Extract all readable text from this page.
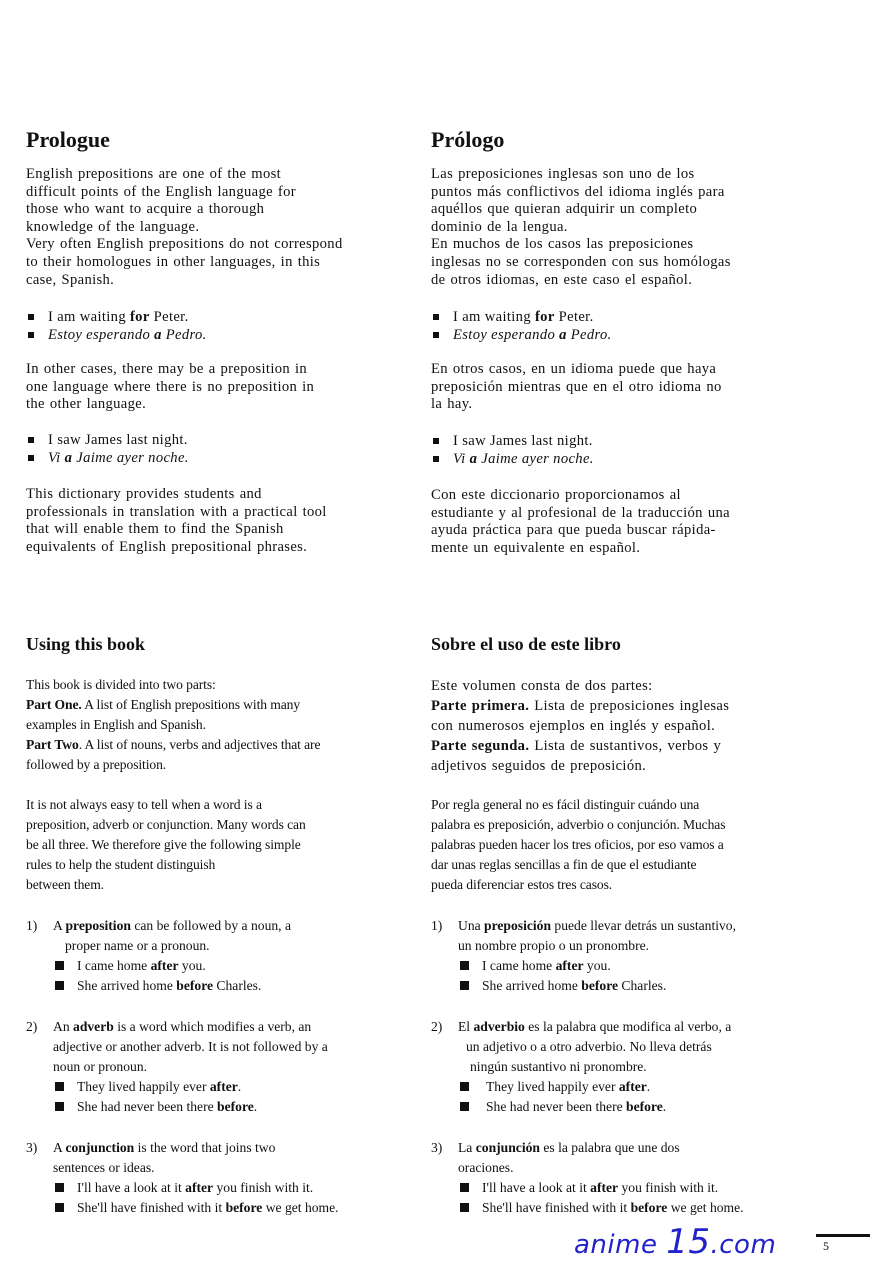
Prologue

English prepositions are one of the most

difficult points of the English language for

those who want to acquire a thorough

knowledge of the language.

Very often English prepositions do not correspond

to their homologues in other languages, in this

case, Spanish.

I am waiting for Peter.
Estoy esperando a Pedro.

In other cases, there may be a preposition in

one language where there is no preposition in

the other language.

I saw James last night.
Vi a Jaime ayer noche.

This dictionary provides students and

professionals in translation with a practical tool

that will enable them to find the Spanish

equivalents of English prepositional phrases.

Using this book

This book is divided into two parts:

Part One. A list of English prepositions with many

examples in English and Spanish.

Part Two. A list of nouns, verbs and adjectives that are

followed by a preposition.

It is not always easy to tell when a word is a

preposition, adverb or conjunction. Many words can

be all three. We therefore give the following simple

rules to help the student distinguish

between them.

1) A preposition can be followed by a noun, a
proper name or a pronoun.
I came home after you.
She arrived home before Charles.
2) An adverb is a word which modifies a verb, an
adjective or another adverb. It is not followed by a
noun or pronoun.
They lived happily ever after.
She had never been there before.
3) A conjunction is the word that joins two
sentences or ideas.
I'll have a look at it after you finish with it.
She'll have finished with it before we get home.
Prólogo

Las preposiciones inglesas son uno de los

puntos más conflictivos del idioma inglés para

aquéllos que quieran adquirir un completo

dominio de la lengua.

En muchos de los casos las preposiciones

inglesas no se corresponden con sus homólogas

de otros idiomas, en este caso el español.

I am waiting for Peter.
Estoy esperando a Pedro.

En otros casos, en un idioma puede que haya

preposición mientras que en el otro idioma no

la hay.

I saw James last night.
Vi a Jaime ayer noche.

Con este diccionario proporcionamos al

estudiante y al profesional de la traducción una

ayuda práctica para que pueda buscar rápida-

mente un equivalente en español.

Sobre el uso de este libro

Este volumen consta de dos partes:

Parte primera. Lista de preposiciones inglesas

con numerosos ejemplos en inglés y español.

Parte segunda. Lista de sustantivos, verbos y

adjetivos seguidos de preposición.

Por regla general no es fácil distinguir cuándo una

palabra es preposición, adverbio o conjunción. Muchas

palabras pueden hacer los tres oficios, por eso vamos a

dar unas reglas sencillas a fin de que el estudiante

pueda diferenciar estos tres casos.

1) Una preposición puede llevar detrás un sustantivo,
un nombre propio o un pronombre.
I came home after you.
She arrived home before Charles.
2) El adverbio es la palabra que modifica al verbo, a
un adjetivo o a otro adverbio. No lleva detrás
ningún sustantivo ni pronombre.
They lived happily ever after.
She had never been there before.
3) La conjunción es la palabra que une dos
oraciones.
I'll have a look at it after you finish with it.
She'll have finished with it before we get home.
anime 15.com	5
